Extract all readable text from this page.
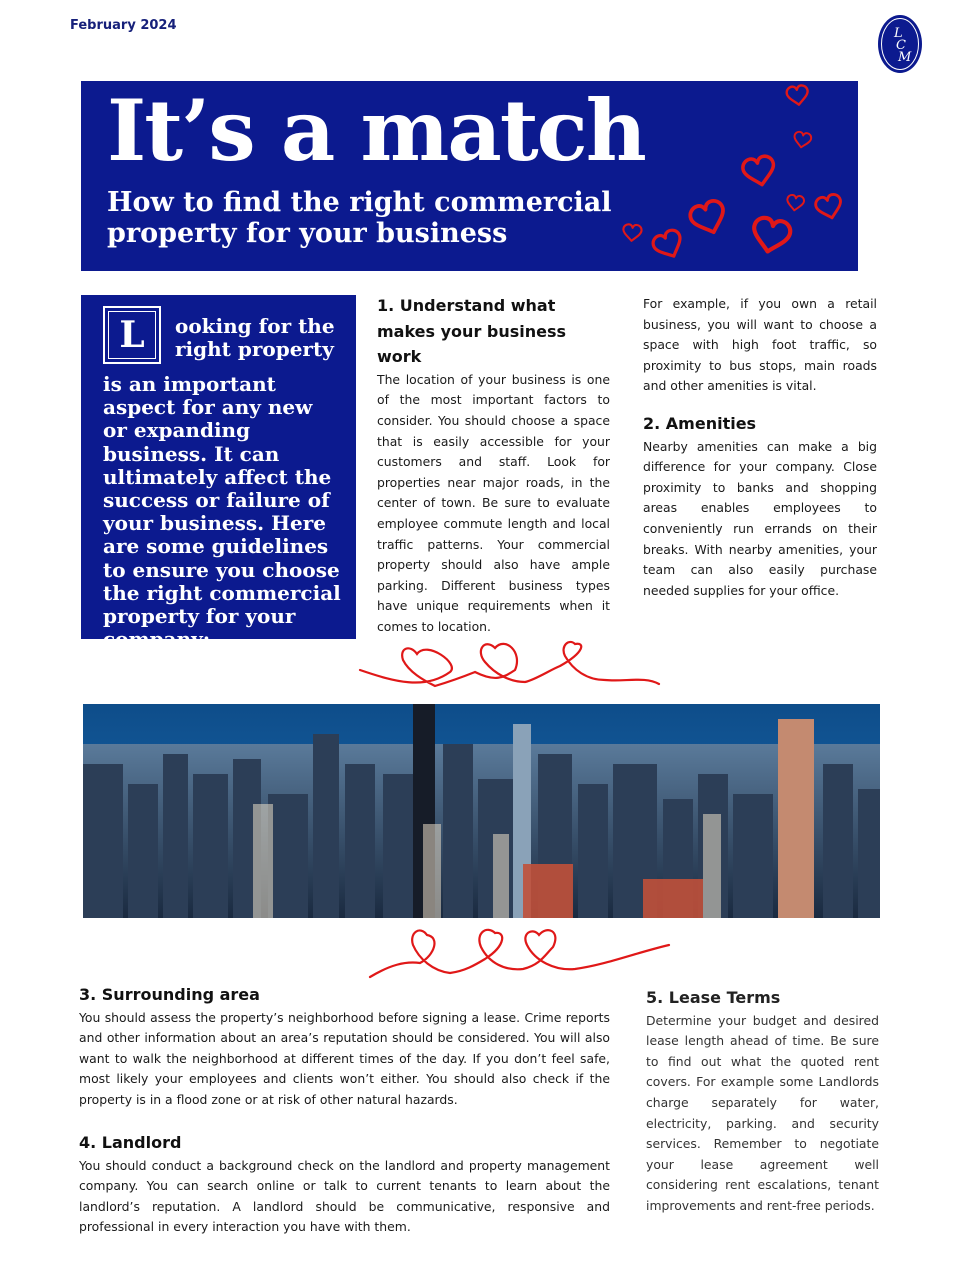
February 2024
L
C
M
It’s a match
How to find the right commercial property for your business
L	ooking for the right property
is an important aspect for any new or expanding business. It can ultimately affect the success or failure of your business. Here are some guidelines to ensure you choose the right commercial property for your company:
1. Understand what makes your business work
The location of your business is one of the most important factors to consider. You should choose a space that is easily accessible for your customers and staff. Look for properties near major roads, in the center of town. Be sure to evaluate employee commute length and local traffic patterns. Your commercial property should also have ample parking. Different business types have unique requirements when it comes to location.
For example, if you own a retail business, you will want to choose a space with high foot traffic, so proximity to bus stops, main roads and other amenities is vital.
2. Amenities
Nearby amenities can make a big difference for your company. Close proximity to banks and shopping areas enables employees to conveniently run errands on their breaks. With nearby amenities, your team can also easily purchase needed supplies for your office.
3. Surrounding area
You should assess the property’s neighborhood before signing a lease. Crime reports and other information about an area’s reputation should be considered. You will also want to walk the neighborhood at different times of the day. If you don’t feel safe, most likely your employees and clients won’t either. You should also check if the property is in a flood zone or at risk of other natural hazards.
4. Landlord
You should conduct a background check on the landlord and property management company. You can search online or talk to current tenants to learn about the landlord’s reputation. A landlord should be communicative, responsive and professional in every interaction you have with them.
5. Lease Terms
Determine your budget and desired lease length ahead of time. Be sure to find out what the quoted rent covers. For example some Landlords charge separately for water, electricity, parking. and security services. Remember to negotiate your lease agreement well considering rent escalations, tenant improvements and rent-free periods.
